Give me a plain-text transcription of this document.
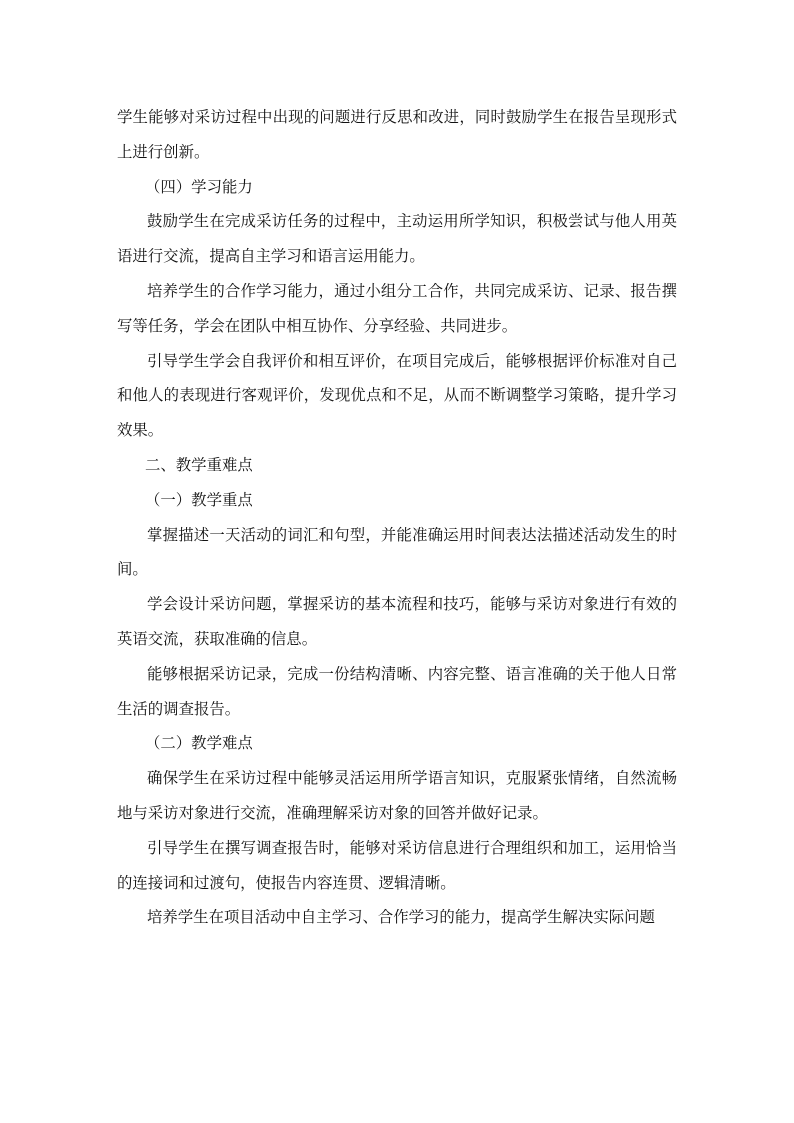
学生能够对采访过程中出现的问题进行反思和改进，同时鼓励学生在报告呈现形式上进行创新。

（四）学习能力

鼓励学生在完成采访任务的过程中，主动运用所学知识，积极尝试与他人用英语进行交流，提高自主学习和语言运用能力。

培养学生的合作学习能力，通过小组分工合作，共同完成采访、记录、报告撰写等任务，学会在团队中相互协作、分享经验、共同进步。

引导学生学会自我评价和相互评价，在项目完成后，能够根据评价标准对自己和他人的表现进行客观评价，发现优点和不足，从而不断调整学习策略，提升学习效果。

二、教学重难点

（一）教学重点

掌握描述一天活动的词汇和句型，并能准确运用时间表达法描述活动发生的时间。

学会设计采访问题，掌握采访的基本流程和技巧，能够与采访对象进行有效的英语交流，获取准确的信息。

能够根据采访记录，完成一份结构清晰、内容完整、语言准确的关于他人日常生活的调查报告。

（二）教学难点

确保学生在采访过程中能够灵活运用所学语言知识，克服紧张情绪，自然流畅地与采访对象进行交流，准确理解采访对象的回答并做好记录。

引导学生在撰写调查报告时，能够对采访信息进行合理组织和加工，运用恰当的连接词和过渡句，使报告内容连贯、逻辑清晰。

培养学生在项目活动中自主学习、合作学习的能力，提高学生解决实际问题
